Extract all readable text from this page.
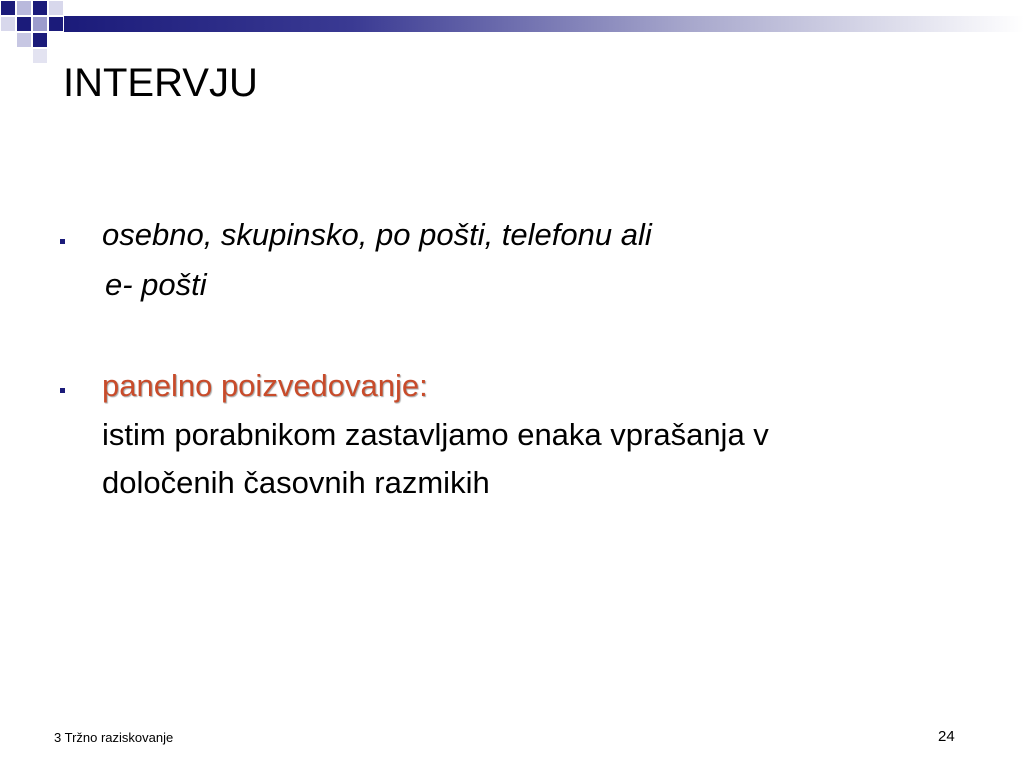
INTERVJU
osebno, skupinsko, po pošti, telefonu ali
e- pošti
panelno poizvedovanje:
istim porabnikom zastavljamo enaka vprašanja v
določenih časovnih razmikih
3 Tržno raziskovanje	24
